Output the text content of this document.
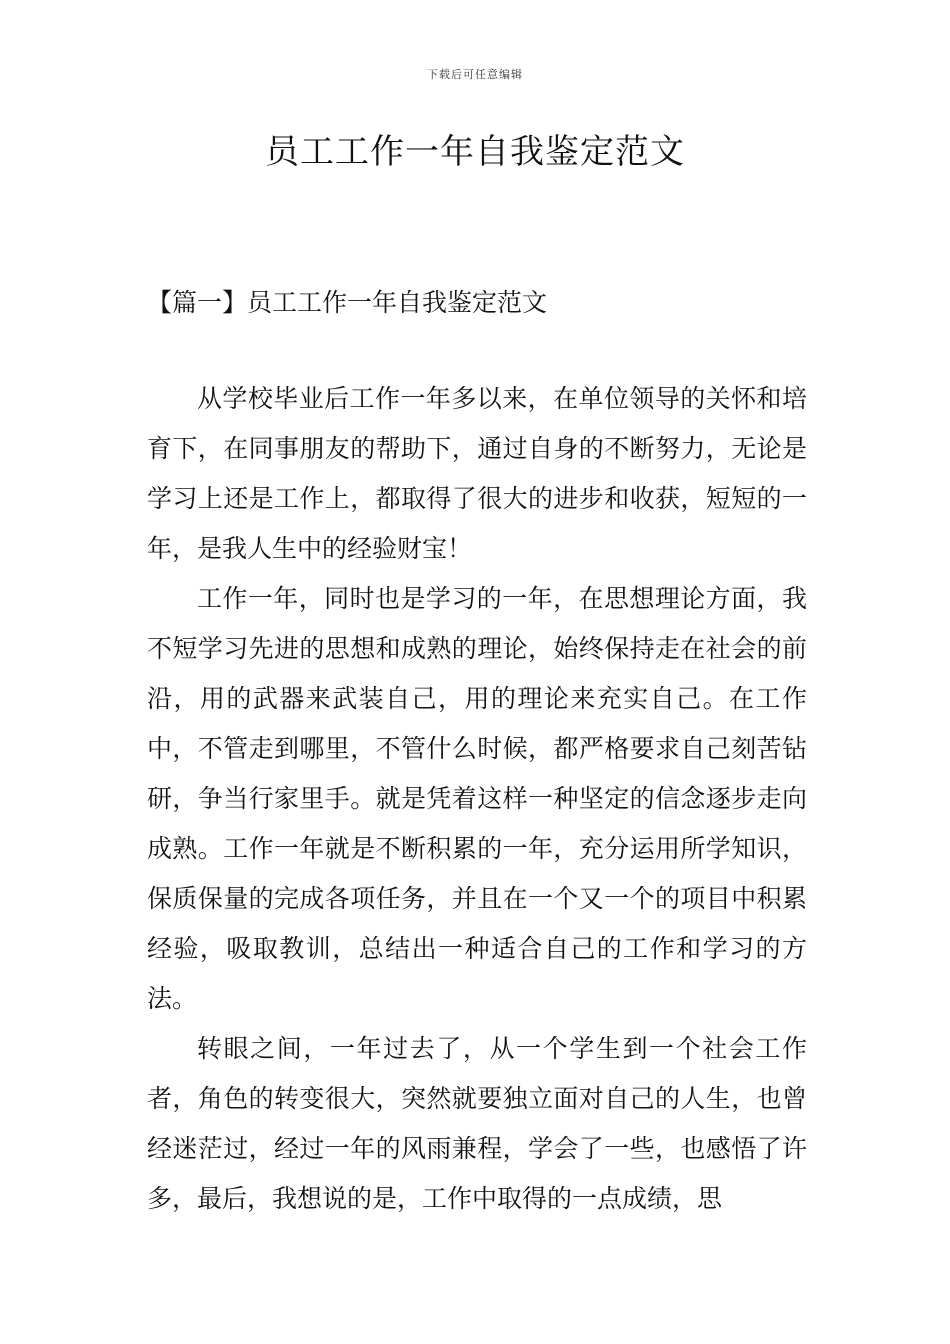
下载后可任意编辑
员工工作一年自我鉴定范文
【篇一】员工工作一年自我鉴定范文

从学校毕业后工作一年多以来，在单位领导的关怀和培育下，在同事朋友的帮助下，通过自身的不断努力，无论是学习上还是工作上，都取得了很大的进步和收获，短短的一年，是我人生中的经验财宝！

工作一年，同时也是学习的一年，在思想理论方面，我不短学习先进的思想和成熟的理论，始终保持走在社会的前沿，用的武器来武装自己，用的理论来充实自己。在工作中，不管走到哪里，不管什么时候，都严格要求自己刻苦钻研，争当行家里手。就是凭着这样一种坚定的信念逐步走向成熟。工作一年就是不断积累的一年，充分运用所学知识，保质保量的完成各项任务，并且在一个又一个的项目中积累经验，吸取教训，总结出一种适合自己的工作和学习的方法。

转眼之间，一年过去了，从一个学生到一个社会工作者，角色的转变很大，突然就要独立面对自己的人生，也曾经迷茫过，经过一年的风雨兼程，学会了一些，也感悟了许多，最后，我想说的是，工作中取得的一点成绩，思
